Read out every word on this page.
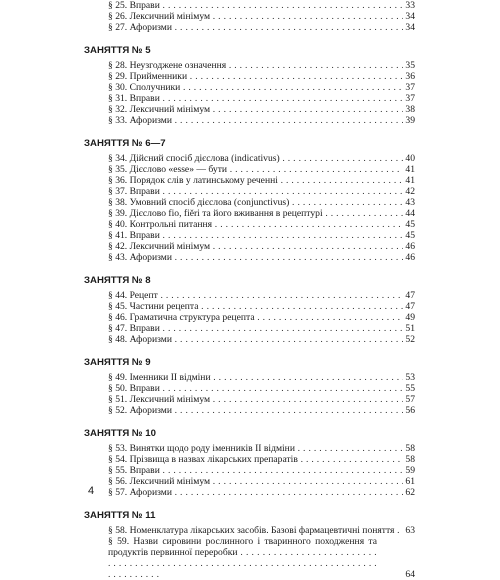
§ 25. Вправи . . .	33
§ 26. Лексичний мінімум . . .	34
§ 27. Афоризми . . .	34
ЗАНЯТТЯ № 5
§ 28. Неузгоджене означення . . .	35
§ 29. Прийменники . . .	36
§ 30. Сполучники . . .	37
§ 31. Вправи . . .	37
§ 32. Лексичний мінімум . . .	38
§ 33. Афоризми . . .	39
ЗАНЯТТЯ № 6—7
§ 34. Дійсний спосіб дієслова (indicativus) . . .	40
§ 35. Дієслово «esse» — бути . . .	41
§ 36. Порядок слів у латинському реченні . . .	41
§ 37. Вправи . . .	42
§ 38. Умовний спосіб дієслова (conjunctivus) . . .	43
§ 39. Дієслово fio, fiĕri та його вживання в рецептурі . . .	44
§ 40. Контрольні питання . . .	45
§ 41. Вправи . . .	45
§ 42. Лексичний мінімум . . .	46
§ 43. Афоризми . . .	46
ЗАНЯТТЯ № 8
§ 44. Рецепт . . .	47
§ 45. Частини рецепта . . .	47
§ 46. Граматична структура рецепта . . .	49
§ 47. Вправи . . .	51
§ 48. Афоризми . . .	52
ЗАНЯТТЯ № 9
§ 49. Іменники II відміни . . .	53
§ 50. Вправи . . .	55
§ 51. Лексичний мінімум . . .	57
§ 52. Афоризми . . .	56
ЗАНЯТТЯ № 10
§ 53. Винятки щодо роду іменників II відміни . . .	58
§ 54. Прізвища в назвах лікарських препаратів . . .	58
§ 55. Вправи . . .	59
§ 56. Лексичний мінімум . . .	61
§ 57. Афоризми . . .	62
ЗАНЯТТЯ № 11
§ 58. Номенклатура лікарських засобів. Базові фармацевтичні поняття . . .	63
§ 59. Назви сировини рослинного і тваринного походження та продуктів первинної переробки . . .
64
4
